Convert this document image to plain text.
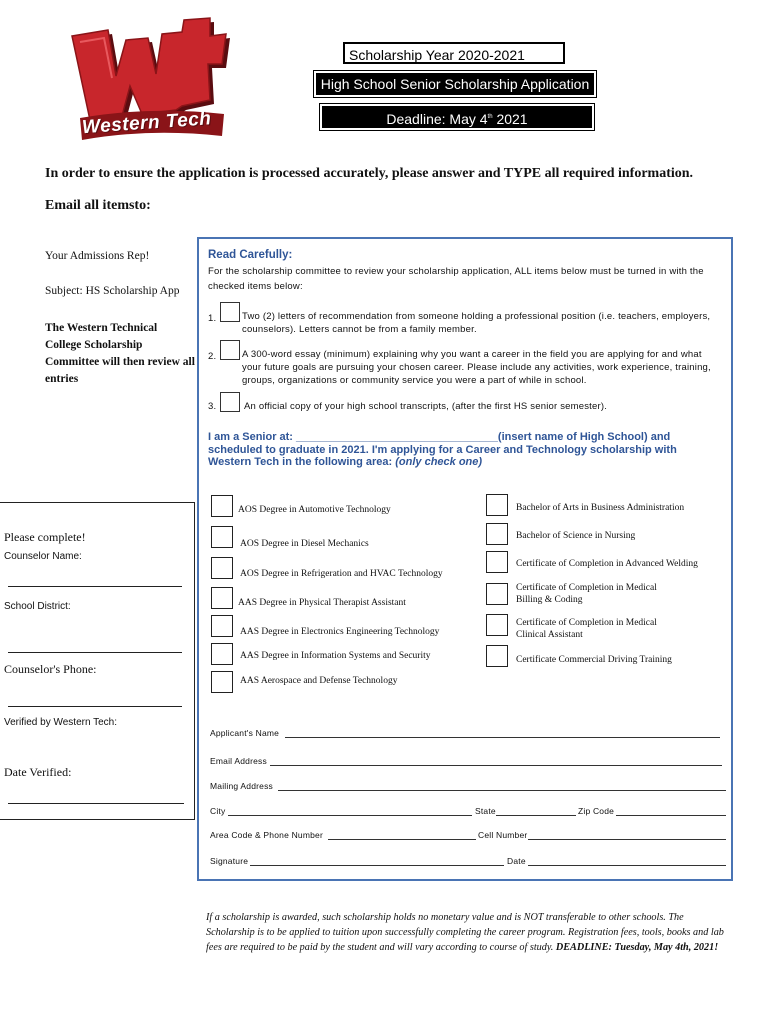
Western Tech
Scholarship Year 2020-2021
High School Senior Scholarship Application
Deadline: May 4th 2021
In order to ensure the application is processed accurately, please answer and TYPE all required information.
Email all itemsto:
Your Admissions Rep!
Subject: HS Scholarship App
The Western Technical College Scholarship Committee will then review all entries
Read Carefully:
For the scholarship committee to review your scholarship application, ALL items below must be turned in with the checked items below:
1.	Two (2) letters of recommendation from someone holding a professional position (i.e. teachers, employers, counselors). Letters cannot be from a family member.
2.	A 300-word essay (minimum) explaining why you want a career in the field you are applying for and what your future goals are pursuing your chosen career. Please include any activities, work experience, training, groups, organizations or community service you were a part of while in school.
3.	An official copy of your high school transcripts, (after the first HS senior semester).
I am a Senior at: _________________________________(insert name of High School) and scheduled to graduate in 2021. I'm applying for a Career and Technology scholarship with Western Tech in the following area: (only check one)
AOS Degree in Automotive Technology
AOS Degree in Diesel Mechanics
AOS Degree in Refrigeration and HVAC Technology
AAS Degree in Physical Therapist Assistant
AAS Degree in Electronics Engineering Technology
AAS Degree in Information Systems and Security
AAS Aerospace and Defense Technology
Bachelor of Arts in Business Administration
Bachelor of Science in Nursing
Certificate of Completion in Advanced Welding
Certificate of Completion in Medical Billing & Coding
Certificate of Completion in Medical Clinical Assistant
Certificate Commercial Driving Training
Please complete!
Counselor Name:
School District:
Counselor's Phone:
Verified by Western Tech:
Date Verified:
Applicant's Name
Email Address
Mailing Address
City	State	Zip Code
Area Code & Phone Number	Cell Number
Signature	Date
If a scholarship is awarded, such scholarship holds no monetary value and is NOT transferable to other schools. The Scholarship is to be applied to tuition upon successfully completing the career program. Registration fees, tools, books and lab fees are required to be paid by the student and will vary according to course of study. DEADLINE: Tuesday, May 4th, 2021!
